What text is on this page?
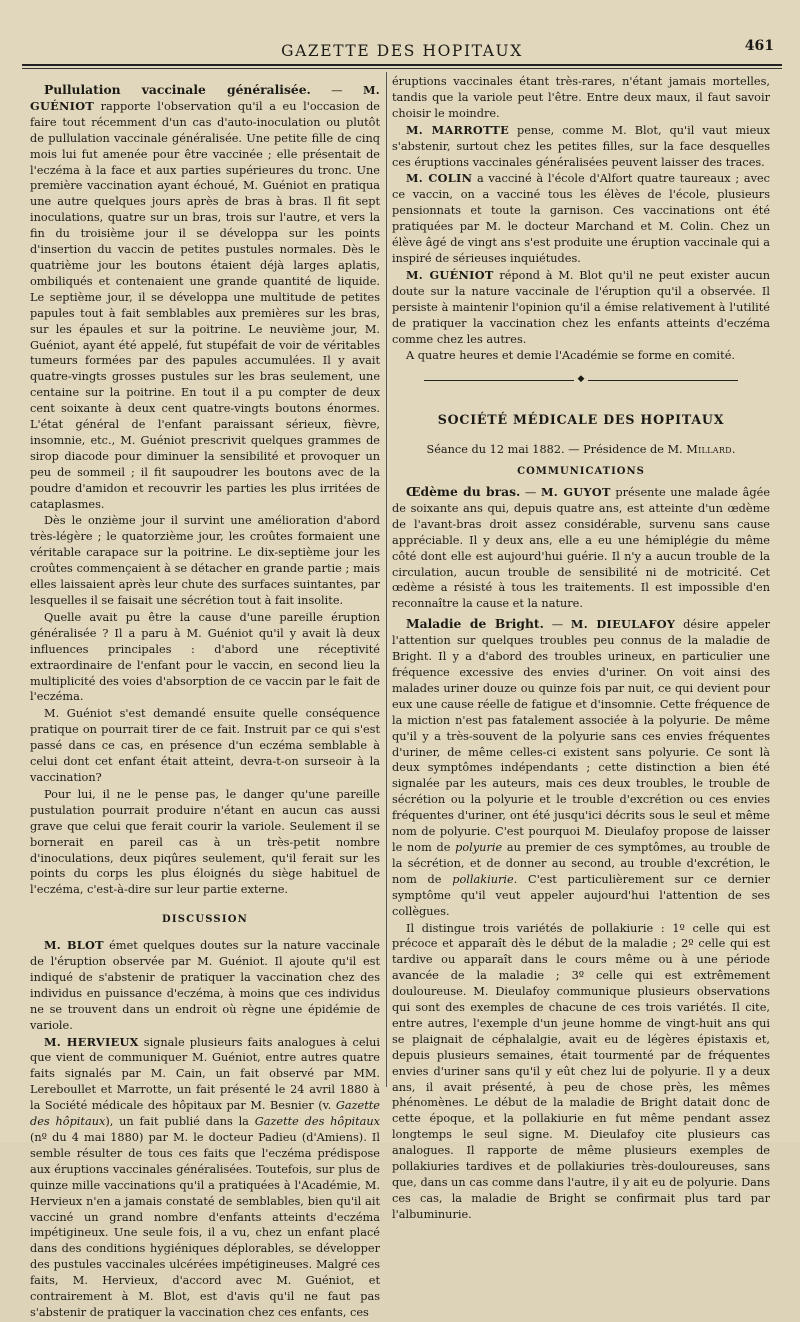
GAZETTE DES HOPITAUX	461

Pullulation vaccinale généralisée. — M. GUÉNIOT rapporte l'observation qu'il a eu l'occasion de faire tout récemment d'un cas d'auto-inoculation ou plutôt de pullulation vaccinale généralisée. Une petite fille de cinq mois lui fut amenée pour être vaccinée ; elle présentait de l'eczéma à la face et aux parties supérieures du tronc. Une première vaccination ayant échoué, M. Guéniot en pratiqua une autre quelques jours après de bras à bras. Il fit sept inoculations, quatre sur un bras, trois sur l'autre, et vers la fin du troisième jour il se développa sur les points d'insertion du vaccin de petites pustules normales. Dès le quatrième jour les boutons étaient déjà larges aplatis, ombiliqués et contenaient une grande quantité de liquide. Le septième jour, il se développa une multitude de petites papules tout à fait semblables aux premières sur les bras, sur les épaules et sur la poitrine. Le neuvième jour, M. Guéniot, ayant été appelé, fut stupéfait de voir de véritables tumeurs formées par des papules accumulées. Il y avait quatre-vingts grosses pustules sur les bras seulement, une centaine sur la poitrine. En tout il a pu compter de deux cent soixante à deux cent quatre-vingts boutons énormes. L'état général de l'enfant paraissant sérieux, fièvre, insomnie, etc., M. Guéniot prescrivit quelques grammes de sirop diacode pour diminuer la sensibilité et provoquer un peu de sommeil ; il fit saupoudrer les boutons avec de la poudre d'amidon et recouvrir les parties les plus irritées de cataplasmes.

Dès le onzième jour il survint une amélioration d'abord très-légère ; le quatorzième jour, les croûtes formaient une véritable carapace sur la poitrine. Le dix-septième jour les croûtes commençaient à se détacher en grande partie ; mais elles laissaient après leur chute des surfaces suintantes, par lesquelles il se faisait une sécrétion tout à fait insolite.

Quelle avait pu être la cause d'une pareille éruption généralisée ? Il a paru à M. Guéniot qu'il y avait là deux influences principales : d'abord une réceptivité extraordinaire de l'enfant pour le vaccin, en second lieu la multiplicité des voies d'absorption de ce vaccin par le fait de l'eczéma.

M. Guéniot s'est demandé ensuite quelle conséquence pratique on pourrait tirer de ce fait. Instruit par ce qui s'est passé dans ce cas, en présence d'un eczéma semblable à celui dont cet enfant était atteint, devra-t-on surseoir à la vaccination?

Pour lui, il ne le pense pas, le danger qu'une pareille pustulation pourrait produire n'étant en aucun cas aussi grave que celui que ferait courir la variole. Seulement il se bornerait en pareil cas à un très-petit nombre d'inoculations, deux piqûres seulement, qu'il ferait sur les points du corps les plus éloignés du siège habituel de l'eczéma, c'est-à-dire sur leur partie externe.

DISCUSSION

M. BLOT émet quelques doutes sur la nature vaccinale de l'éruption observée par M. Guéniot. Il ajoute qu'il est indiqué de s'abstenir de pratiquer la vaccination chez des individus en puissance d'eczéma, à moins que ces individus ne se trouvent dans un endroit où règne une épidémie de variole.

M. HERVIEUX signale plusieurs faits analogues à celui que vient de communiquer M. Guéniot, entre autres quatre faits signalés par M. Cain, un fait observé par MM. Lereboullet et Marrotte, un fait présenté le 24 avril 1880 à la Société médicale des hôpitaux par M. Besnier (v. Gazette des hôpitaux), un fait publié dans la Gazette des hôpitaux (nº du 4 mai 1880) par M. le docteur Padieu (d'Amiens). Il semble résulter de tous ces faits que l'eczéma prédispose aux éruptions vaccinales généralisées. Toutefois, sur plus de quinze mille vaccinations qu'il a pratiquées à l'Académie, M. Hervieux n'en a jamais constaté de semblables, bien qu'il ait vacciné un grand nombre d'enfants atteints d'eczéma impétigineux. Une seule fois, il a vu, chez un enfant placé dans des conditions hygiéniques déplorables, se développer des pustules vaccinales ulcérées impétigineuses. Malgré ces faits, M. Hervieux, d'accord avec M. Guéniot, et contrairement à M. Blot, est d'avis qu'il ne faut pas s'abstenir de pratiquer la vaccination chez ces enfants, ces

éruptions vaccinales étant très-rares, n'étant jamais mortelles, tandis que la variole peut l'être. Entre deux maux, il faut savoir choisir le moindre.

M. MARROTTE pense, comme M. Blot, qu'il vaut mieux s'abstenir, surtout chez les petites filles, sur la face desquelles ces éruptions vaccinales généralisées peuvent laisser des traces.

M. COLIN a vacciné à l'école d'Alfort quatre taureaux ; avec ce vaccin, on a vacciné tous les élèves de l'école, plusieurs pensionnats et toute la garnison. Ces vaccinations ont été pratiquées par M. le docteur Marchand et M. Colin. Chez un élève âgé de vingt ans s'est produite une éruption vaccinale qui a inspiré de sérieuses inquiétudes.

M. GUÉNIOT répond à M. Blot qu'il ne peut exister aucun doute sur la nature vaccinale de l'éruption qu'il a observée. Il persiste à maintenir l'opinion qu'il a émise relativement à l'utilité de pratiquer la vaccination chez les enfants atteints d'eczéma comme chez les autres.

A quatre heures et demie l'Académie se forme en comité.

◆
SOCIÉTÉ MÉDICALE DES HOPITAUX

Séance du 12 mai 1882. — Présidence de M. Millard.

COMMUNICATIONS

Œdème du bras. — M. GUYOT présente une malade âgée de soixante ans qui, depuis quatre ans, est atteinte d'un œdème de l'avant-bras droit assez considérable, survenu sans cause appréciable. Il y deux ans, elle a eu une hémiplégie du même côté dont elle est aujourd'hui guérie. Il n'y a aucun trouble de la circulation, aucun trouble de sensibilité ni de motricité. Cet œdème a résisté à tous les traitements. Il est impossible d'en reconnaître la cause et la nature.

Maladie de Bright. — M. DIEULAFOY désire appeler l'attention sur quelques troubles peu connus de la maladie de Bright. Il y a d'abord des troubles urineux, en particulier une fréquence excessive des envies d'uriner. On voit ainsi des malades uriner douze ou quinze fois par nuit, ce qui devient pour eux une cause réelle de fatigue et d'insomnie. Cette fréquence de la miction n'est pas fatalement associée à la polyurie. De même qu'il y a très-souvent de la polyurie sans ces envies fréquentes d'uriner, de même celles-ci existent sans polyurie. Ce sont là deux symptômes indépendants ; cette distinction a bien été signalée par les auteurs, mais ces deux troubles, le trouble de sécrétion ou la polyurie et le trouble d'excrétion ou ces envies fréquentes d'uriner, ont été jusqu'ici décrits sous le seul et même nom de polyurie. C'est pourquoi M. Dieulafoy propose de laisser le nom de polyurie au premier de ces symptômes, au trouble de la sécrétion, et de donner au second, au trouble d'excrétion, le nom de pollakiurie. C'est particulièrement sur ce dernier symptôme qu'il veut appeler aujourd'hui l'attention de ses collègues.

Il distingue trois variétés de pollakiurie : 1º celle qui est précoce et apparaît dès le début de la maladie ; 2º celle qui est tardive ou apparaît dans le cours même ou à une période avancée de la maladie ; 3º celle qui est extrêmement douloureuse. M. Dieulafoy communique plusieurs observations qui sont des exemples de chacune de ces trois variétés. Il cite, entre autres, l'exemple d'un jeune homme de vingt-huit ans qui se plaignait de céphalalgie, avait eu de légères épistaxis et, depuis plusieurs semaines, était tourmenté par de fréquentes envies d'uriner sans qu'il y eût chez lui de polyurie. Il y a deux ans, il avait présenté, à peu de chose près, les mêmes phénomènes. Le début de la maladie de Bright datait donc de cette époque, et la pollakiurie en fut même pendant assez longtemps le seul signe. M. Dieulafoy cite plusieurs cas analogues. Il rapporte de même plusieurs exemples de pollakiuries tardives et de pollakiuries très-douloureuses, sans que, dans un cas comme dans l'autre, il y ait eu de polyurie. Dans ces cas, la maladie de Bright se confirmait plus tard par l'albuminurie.
